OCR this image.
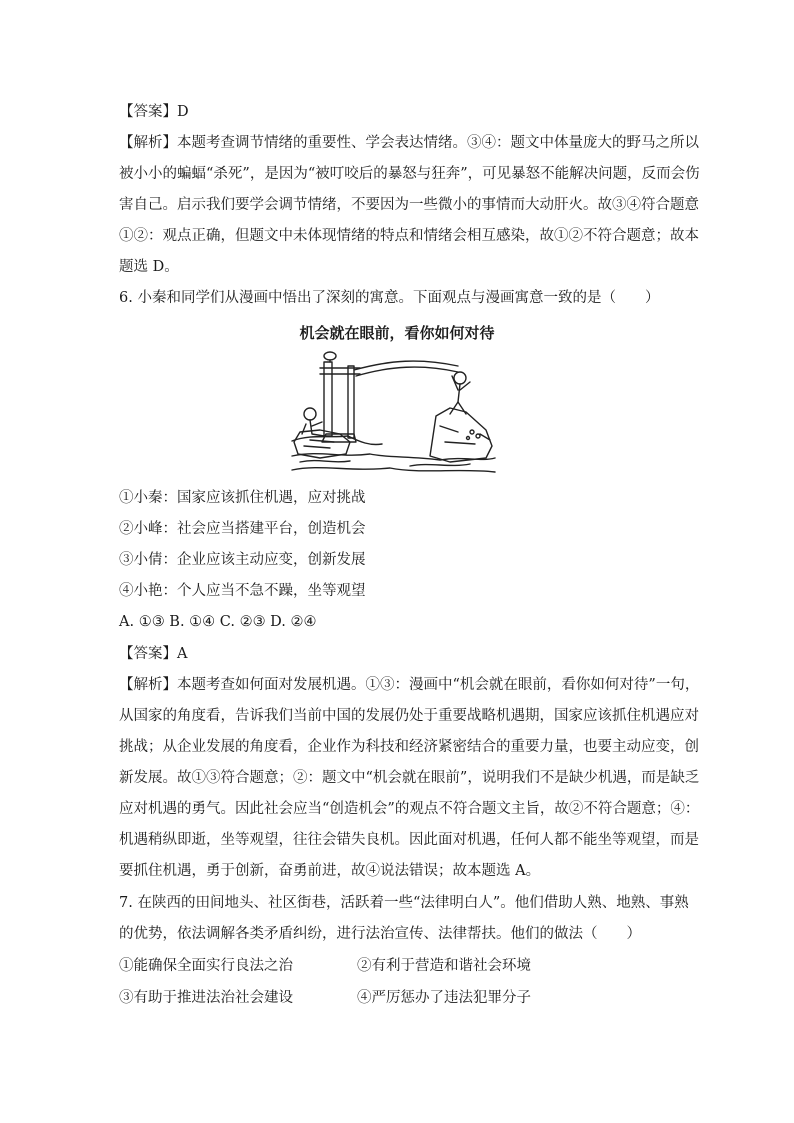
【答案】D
【解析】本题考查调节情绪的重要性、学会表达情绪。③④：题文中体量庞大的野马之所以
被小小的蝙蝠“杀死”，是因为“被叮咬后的暴怒与狂奔”，可见暴怒不能解决问题，反而会伤
害自己。启示我们要学会调节情绪，不要因为一些微小的事情而大动肝火。故③④符合题意
①②：观点正确，但题文中未体现情绪的特点和情绪会相互感染，故①②不符合题意；故本
题选 D。
6. 小秦和同学们从漫画中悟出了深刻的寓意。下面观点与漫画寓意一致的是（　　）
机会就在眼前，看你如何对待
①小秦：国家应该抓住机遇，应对挑战
②小峰：社会应当搭建平台，创造机会
③小倩：企业应该主动应变，创新发展
④小艳：个人应当不急不躁，坐等观望
A. ①③ B. ①④ C. ②③ D. ②④
【答案】A
【解析】本题考查如何面对发展机遇。①③：漫画中“机会就在眼前，看你如何对待”一句，
从国家的角度看，告诉我们当前中国的发展仍处于重要战略机遇期，国家应该抓住机遇应对
挑战；从企业发展的角度看，企业作为科技和经济紧密结合的重要力量，也要主动应变，创
新发展。故①③符合题意；②：题文中“机会就在眼前”，说明我们不是缺少机遇，而是缺乏
应对机遇的勇气。因此社会应当“创造机会”的观点不符合题文主旨，故②不符合题意；④：
机遇稍纵即逝，坐等观望，往往会错失良机。因此面对机遇，任何人都不能坐等观望，而是
要抓住机遇，勇于创新，奋勇前进，故④说法错误；故本题选 A。
7. 在陕西的田间地头、社区街巷，活跃着一些“法律明白人”。他们借助人熟、地熟、事熟
的优势，依法调解各类矛盾纠纷，进行法治宣传、法律帮扶。他们的做法（　　）
①能确保全面实行良法之治	②有利于营造和谐社会环境
③有助于推进法治社会建设	④严厉惩办了违法犯罪分子
